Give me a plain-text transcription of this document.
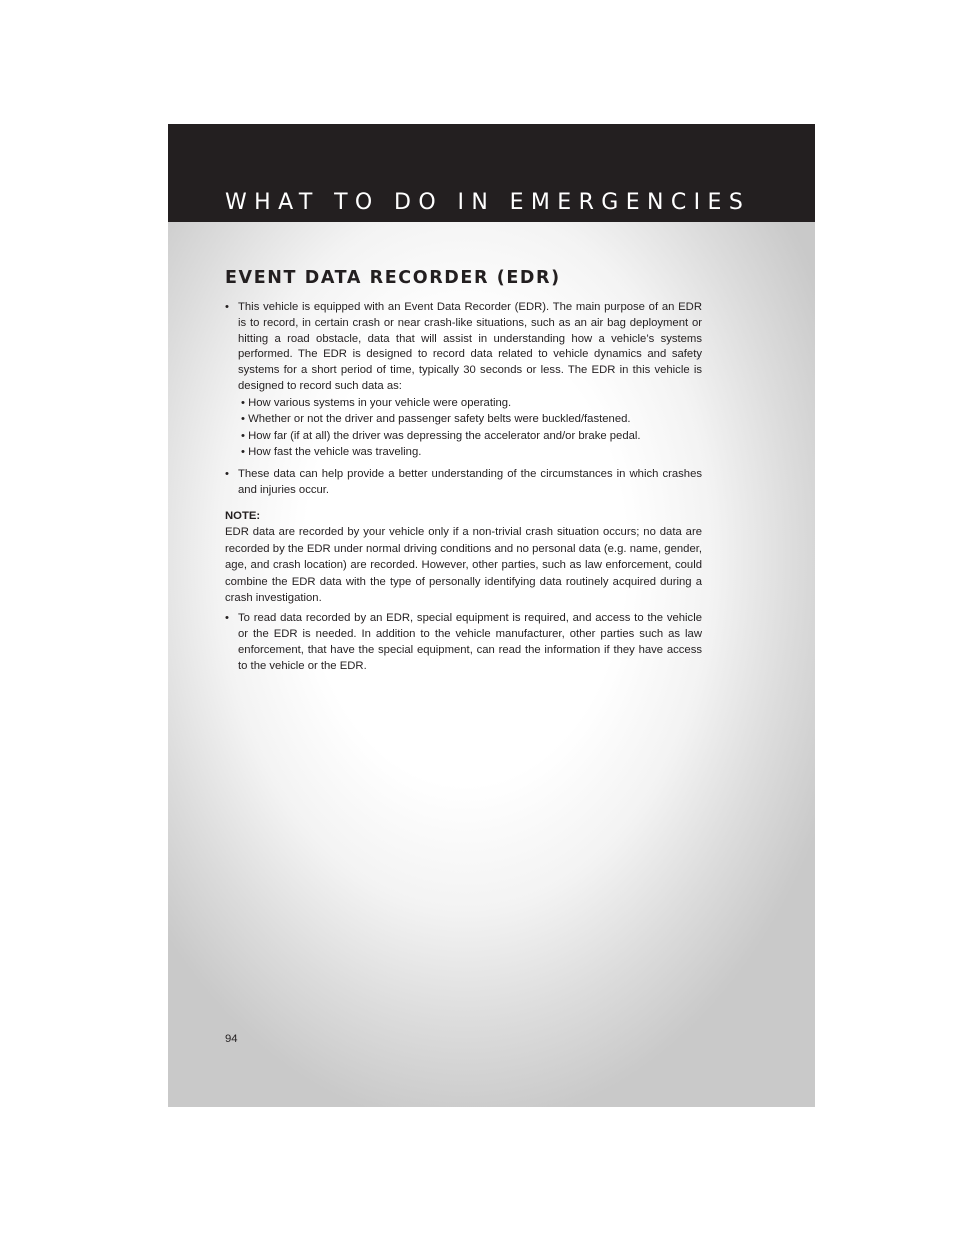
WHAT TO DO IN EMERGENCIES
EVENT DATA RECORDER (EDR)
• This vehicle is equipped with an Event Data Recorder (EDR). The main purpose of an EDR is to record, in certain crash or near crash-like situations, such as an air bag deployment or hitting a road obstacle, data that will assist in understanding how a vehicle’s systems performed. The EDR is designed to record data related to vehicle dynamics and safety systems for a short period of time, typically 30 seconds or less. The EDR in this vehicle is designed to record such data as:
• How various systems in your vehicle were operating.
• Whether or not the driver and passenger safety belts were buckled/fastened.
• How far (if at all) the driver was depressing the accelerator and/or brake pedal.
• How fast the vehicle was traveling.
• These data can help provide a better understanding of the circumstances in which crashes and injuries occur.

NOTE:

EDR data are recorded by your vehicle only if a non-trivial crash situation occurs; no data are recorded by the EDR under normal driving conditions and no personal data (e.g. name, gender, age, and crash location) are recorded. However, other parties, such as law enforcement, could combine the EDR data with the type of personally identifying data routinely acquired during a crash investigation.

• To read data recorded by an EDR, special equipment is required, and access to the vehicle or the EDR is needed. In addition to the vehicle manufacturer, other parties such as law enforcement, that have the special equipment, can read the information if they have access to the vehicle or the EDR.
94
